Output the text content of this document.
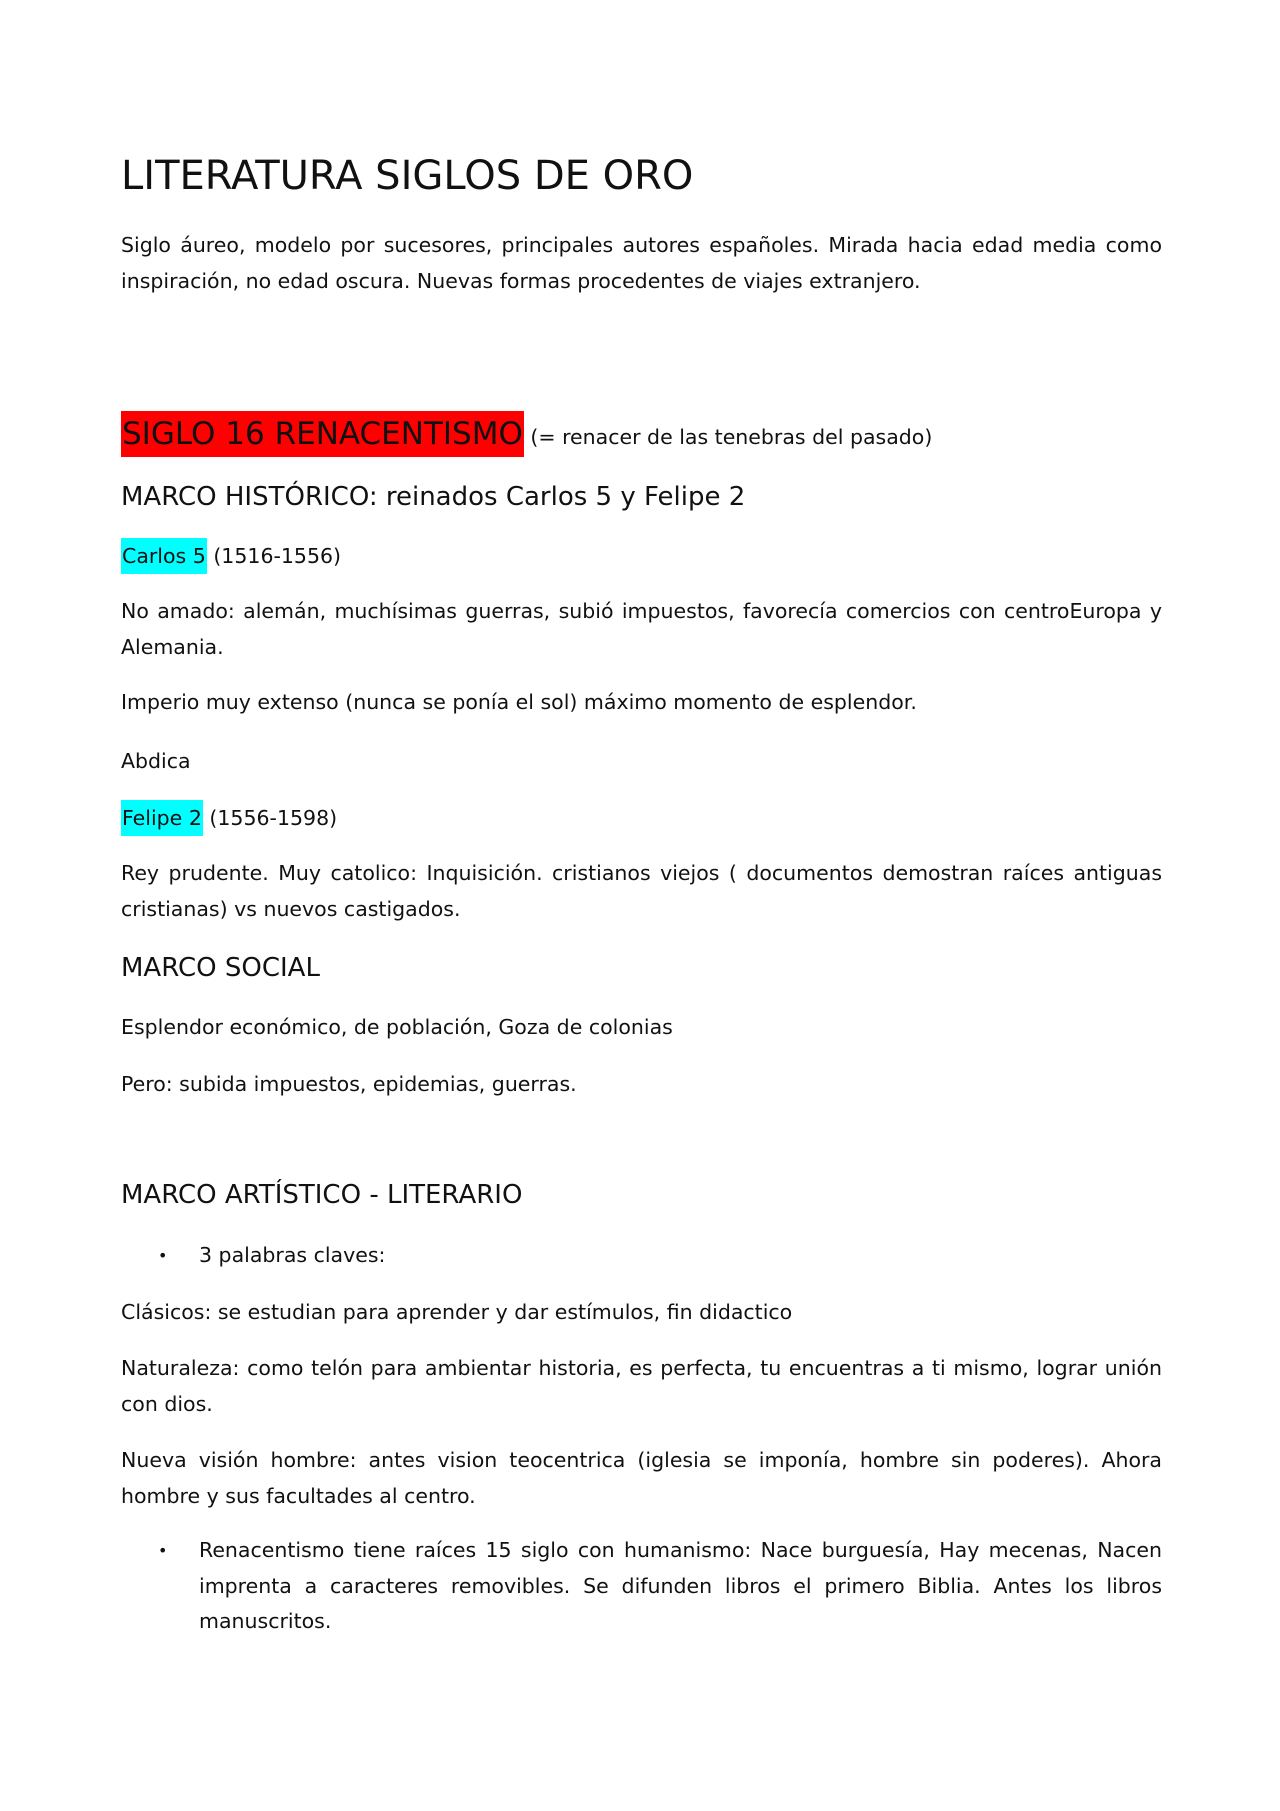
LITERATURA SIGLOS DE ORO
Siglo áureo, modelo por sucesores, principales autores españoles. Mirada hacia edad media como inspiración, no edad oscura. Nuevas formas procedentes de viajes extranjero.
SIGLO 16 RENACENTISMO (= renacer de las tenebras del pasado)
MARCO HISTÓRICO: reinados Carlos 5 y Felipe 2
Carlos 5 (1516-1556)
No amado: alemán, muchísimas guerras, subió impuestos, favorecía comercios con centroEuropa y Alemania.
Imperio muy extenso (nunca se ponía el sol) máximo momento de esplendor.
Abdica
Felipe 2 (1556-1598)
Rey prudente. Muy catolico: Inquisición. cristianos viejos ( documentos demostran raíces antiguas cristianas) vs nuevos castigados.
MARCO SOCIAL
Esplendor económico, de población, Goza de colonias
Pero: subida impuestos, epidemias, guerras.
MARCO ARTÍSTICO - LITERARIO
• 3 palabras claves:
Clásicos: se estudian para aprender y dar estímulos, fin didactico
Naturaleza: como telón para ambientar historia, es perfecta, tu encuentras a ti mismo, lograr unión con dios.
Nueva visión hombre: antes vision teocentrica (iglesia se imponía, hombre sin poderes). Ahora hombre y sus facultades al centro.
• Renacentismo tiene raíces 15 siglo con humanismo: Nace burguesía, Hay mecenas, Nacen imprenta a caracteres removibles. Se difunden libros el primero Biblia. Antes los libros manuscritos.
